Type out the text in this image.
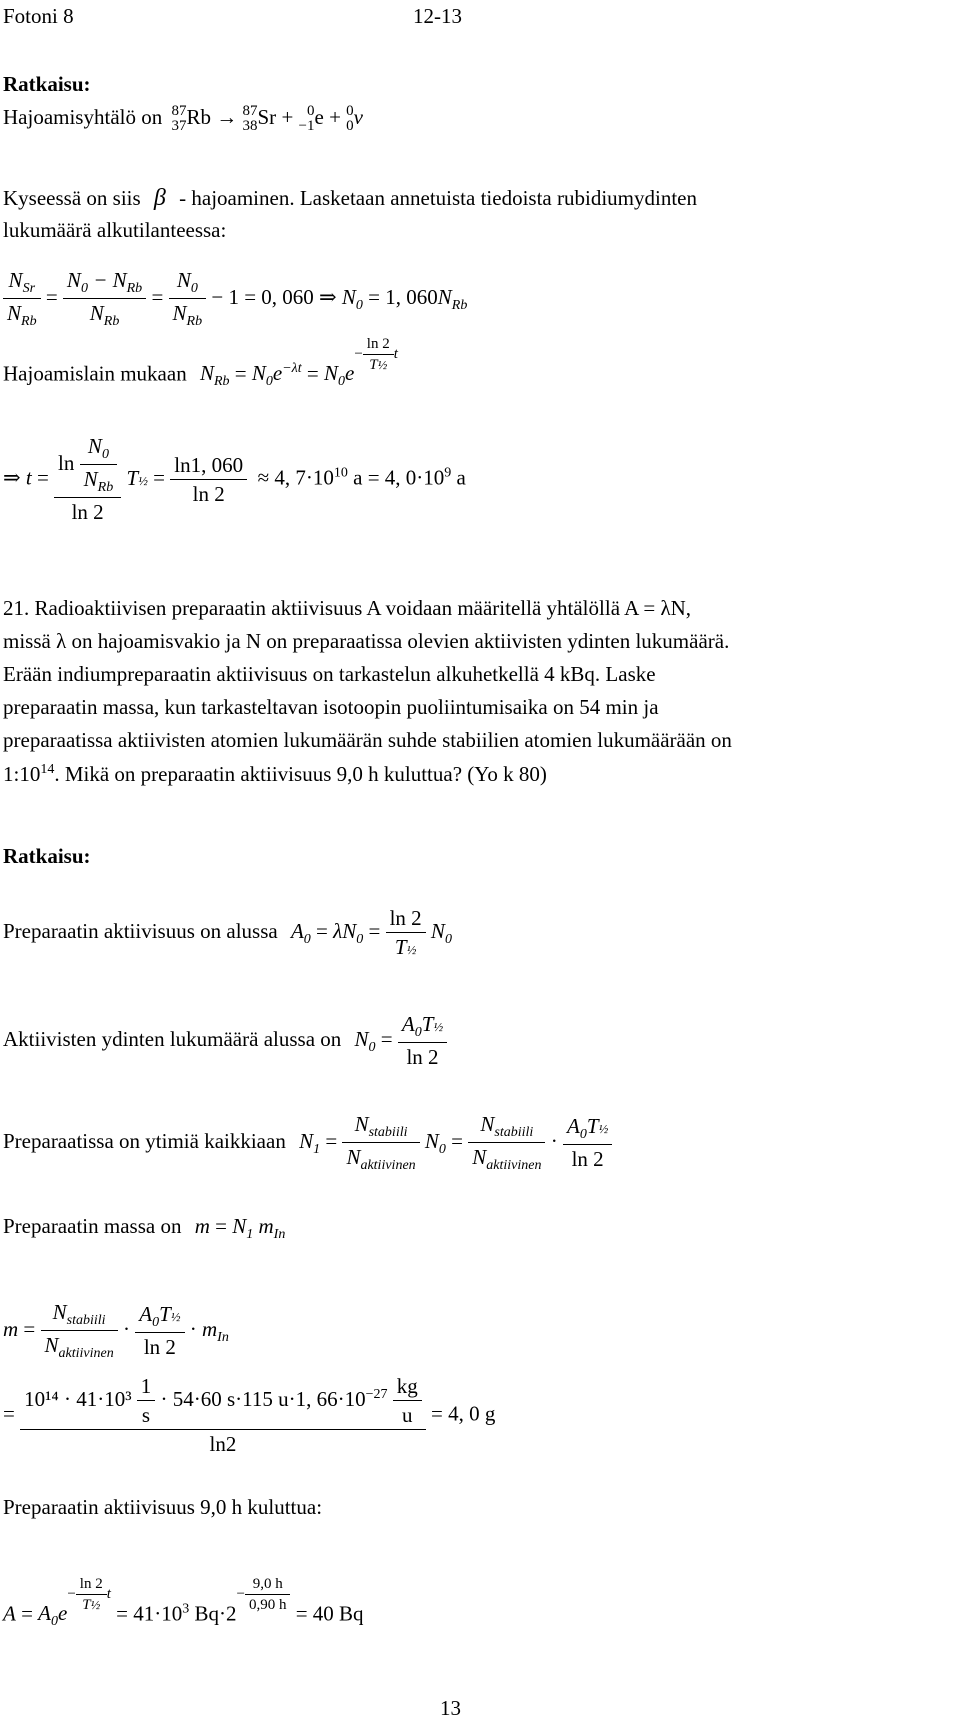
Fotoni 8	12-13
Ratkaisu:
Hajoamisyhtälö on 87
37 Rb → 87
38 Sr + 0
−1 e + 0
0 ν
Kyseessä on siis β - hajoaminen. Lasketaan annetuista tiedoista rubidiumydinten
lukumäärä alkutilanteessa:
$\frac{N_{Sr}}{N_{Rb}} = \frac{N_0 - N_{Rb}}{N_{Rb}} = \frac{N_0}{N_{Rb}} - 1 = 0$, 060 ⇒ $N_0 = 1$, $060N_{Rb}$
Hajoamislain mukaan $N_{Rb} = N_0e^{-\lambda t} = N_0e^{- \frac{\ln 2}{\text{T½}} t}$
⇒ $t = \frac{\ln \frac{N_0}{N_{Rb}}}{\ln 2}$ T½ = $\frac{\ln 1, 060}{\ln 2} \approx 4$, $7\cdot 10^{10}$ a = 4, $0\cdot 10^9$ a
21. Radioaktiivisen preparaatin aktiivisuus A voidaan määritellä yhtälöllä A = λN,
missä λ on hajoamisvakio ja N on preparaatissa olevien aktiivisten ydinten lukumäärä.
Erään indiumpreparaatin aktiivisuus on tarkastelun alkuhetkellä 4 kBq. Laske
preparaatin massa, kun tarkasteltavan isotoopin puoliintumisaika on 54 min ja
preparaatissa aktiivisten atomien lukumäärän suhde stabiilien atomien lukumäärään on
$1:10^{14}$. Mikä on preparaatin aktiivisuus 9,0 h kuluttua? (Yo k 80)
Ratkaisu:
Preparaatin aktiivisuus on alussa $A_0 = \lambda N_0 = \frac{\ln 2}{\text{T½}} N_0$
Aktiivisten ydinten lukumäärä alussa on $N_0 = \frac{A_0T\frac{1}{2}}{\ln 2}$
Preparaatissa on ytimiä kaikkiaan $N_1 = \frac{N_{stabiili}}{N_{aktiivinen}} N_0 = \frac{N_{stabiili}}{N_{aktiivinen}} \cdot \frac{A_0T\frac{1}{2}}{\ln 2}$
Preparaatin massa on $m = N_1$ $m_{In}$
$m = \frac{N_{stabiili}}{N_{aktiivinen}} \cdot \frac{A_0T\frac{1}{2}}{\ln 2} \cdot m_{In}$
=
$10^{14} \cdot 41\cdot 10^3 \frac{1}{s} \cdot 54\cdot 60$ s·115 u·1, $66\cdot 10^{-27} \frac{kg}{u}$
ln2
= 4, 0 g
Preparaatin aktiivisuus 9,0 h kuluttua:
$A = A_0e^{- \frac{\ln 2}{\text{T½}} t} = 41\cdot 10^3$ $Bq\cdot 2^{- \frac{9,0 h}{0,90 h}} = 40$ Bq
13
